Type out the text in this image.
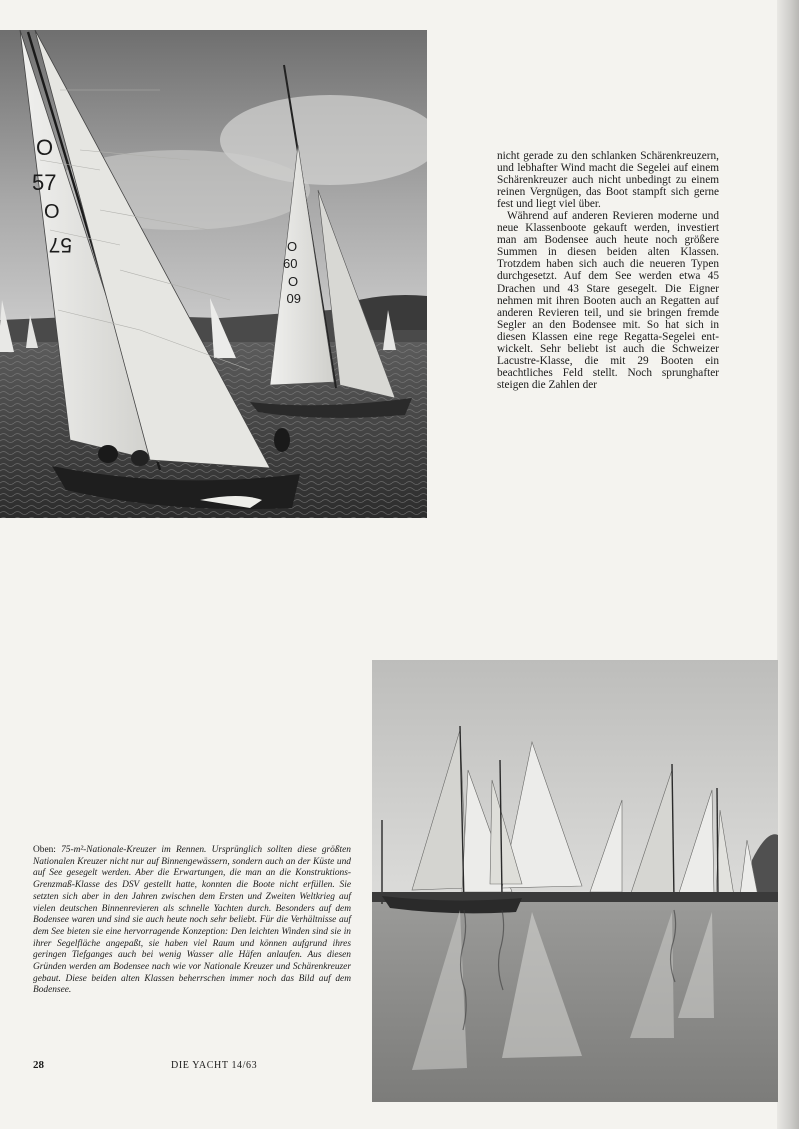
O
57
O
57	O
60
O
60

nicht gerade zu den schlanken Schärenkreuzern, und lebhafter Wind macht die Segelei auf einem Schärenkreuzer auch nicht unbedingt zu einem reinen Vergnügen, das Boot stampft sich gerne fest und liegt viel über.

Während auf anderen Revieren moderne und neue Klassenboote gekauft werden, investiert man am Bodensee auch heute noch größere Summen in diesen beiden alten Klassen. Trotzdem haben sich auch die neueren Typen durchgesetzt. Auf dem See werden etwa 45 Drachen und 43 Stare gesegelt. Die Eigner nehmen mit ihren Booten auch an Regatten auf anderen Revieren teil, und sie bringen fremde Segler an den Bodensee mit. So hat sich in diesen Klassen eine rege Regatta-Segelei entwickelt. Sehr beliebt ist auch die Schweizer Lacustre-Klasse, die mit 29 Booten ein beachtliches Feld stellt. Noch sprunghafter steigen die Zahlen der

Oben: 75-m²-Nationale-Kreuzer im Rennen. Ursprünglich sollten diese größten Nationalen Kreuzer nicht nur auf Binnengewässern, sondern auch an der Küste und auf See gesegelt werden. Aber die Erwartungen, die man an die Konstruktions-Grenzmaß-Klasse des DSV gestellt hatte, konnten die Boote nicht erfüllen. Sie setzten sich aber in den Jahren zwischen dem Ersten und Zweiten Weltkrieg auf vielen deutschen Binnenrevieren als schnelle Yachten durch. Besonders auf dem Bodensee waren und sind sie auch heute noch sehr beliebt. Für die Verhältnisse auf dem See bieten sie eine hervorragende Konzeption: Den leichten Winden sind sie in ihrer Segelfläche angepaßt, sie haben viel Raum und können aufgrund ihres geringen Tiefganges auch bei wenig Wasser alle Häfen anlaufen. Aus diesen Gründen werden am Bodensee nach wie vor Nationale Kreuzer und Schärenkreuzer gebaut. Diese beiden alten Klassen beherrschen immer noch das Bild auf dem Bodensee.
28	DIE YACHT 14/63
